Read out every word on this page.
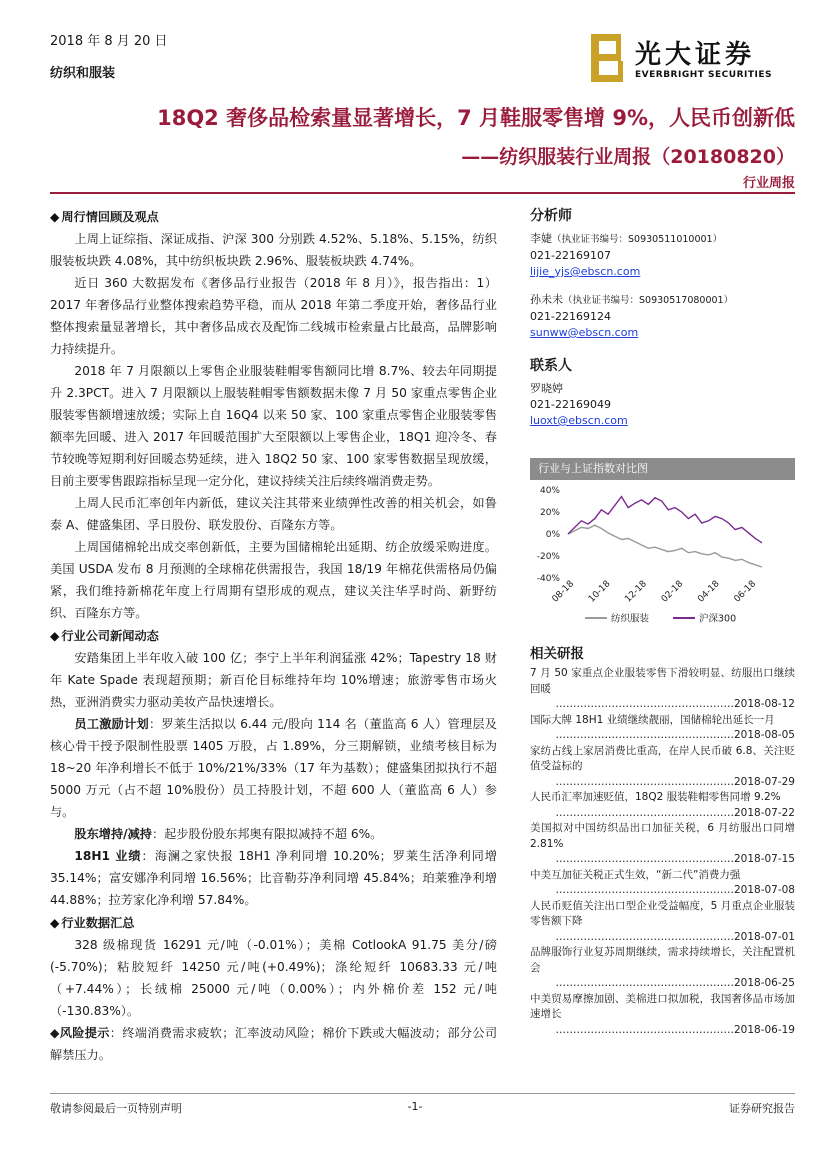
2018 年 8 月 20 日
纺织和服装
光大证券
EVERBRIGHT SECURITIES
18Q2 奢侈品检索量显著增长，7 月鞋服零售增 9%，人民币创新低
——纺织服装行业周报（20180820）
行业周报

◆ 周行情回顾及观点

上周上证综指、深证成指、沪深 300 分别跌 4.52%、5.18%、5.15%，纺织服装板块跌 4.08%，其中纺织板块跌 2.96%、服装板块跌 4.74%。

近日 360 大数据发布《奢侈品行业报告（2018 年 8 月）》，报告指出：1）2017 年奢侈品行业整体搜索趋势平稳，而从 2018 年第二季度开始，奢侈品行业整体搜索量显著增长，其中奢侈品成衣及配饰二线城市检索量占比最高，品牌影响力持续提升。

2018 年 7 月限额以上零售企业服装鞋帽零售额同比增 8.7%、较去年同期提升 2.3PCT。进入 7 月限额以上服装鞋帽零售额数据未像 7 月 50 家重点零售企业服装零售额增速放缓；实际上自 16Q4 以来 50 家、100 家重点零售企业服装零售额率先回暖、进入 2017 年回暖范围扩大至限额以上零售企业，18Q1 迎冷冬、春节较晚等短期利好回暖态势延续，进入 18Q2 50 家、100 家零售数据呈现放缓，目前主要零售跟踪指标呈现一定分化，建议持续关注后续终端消费走势。

上周人民币汇率创年内新低，建议关注其带来业绩弹性改善的相关机会，如鲁泰 A、健盛集团、孚日股份、联发股份、百隆东方等。

上周国储棉轮出成交率创新低，主要为国储棉轮出延期、纺企放缓采购进度。美国 USDA 发布 8 月预测的全球棉花供需报告，我国 18/19 年棉花供需格局仍偏紧，我们维持新棉花年度上行周期有望形成的观点，建议关注华孚时尚、新野纺织、百隆东方等。

◆ 行业公司新闻动态

安踏集团上半年收入破 100 亿；李宁上半年利润猛涨 42%；Tapestry 18 财年 Kate Spade 表现超预期；新百伦目标维持年均 10%增速；旅游零售市场火热，亚洲消费实力驱动美妆产品快速增长。

员工激励计划：罗莱生活拟以 6.44 元/股向 114 名（董监高 6 人）管理层及核心骨干授予限制性股票 1405 万股，占 1.89%，分三期解锁，业绩考核目标为 18~20 年净利增长不低于 10%/21%/33%（17 年为基数）；健盛集团拟执行不超 5000 万元（占不超 10%股份）员工持股计划，不超 600 人（董监高 6 人）参与。

股东增持/减持：起步股份股东邦奥有限拟减持不超 6%。

18H1 业绩：海澜之家快报 18H1 净利同增 10.20%；罗莱生活净利同增 35.14%；富安娜净利同增 16.56%；比音勒芬净利同增 45.84%；珀莱雅净利增 44.88%；拉芳家化净利增 57.84%。

◆ 行业数据汇总

328 级棉现货 16291 元/吨（-0.01%）；美棉 CotlookA 91.75 美分/磅(-5.70%)；粘胶短纤 14250 元/吨(+0.49%)；涤纶短纤 10683.33 元/吨（+7.44%）；长绒棉 25000 元/吨（0.00%）；内外棉价差 152 元/吨（-130.83%）。

◆风险提示：终端消费需求疲软；汇率波动风险；棉价下跌或大幅波动；部分公司解禁压力。

分析师
李婕（执业证书编号：S0930511010001）
021-22169107
lijie_yjs@ebscn.com
孙未未（执业证书编号：S0930517080001）
021-22169124
sunww@ebscn.com
联系人
罗晓婷
021-22169049
luoxt@ebscn.com
行业与上证指数对比图
40%
20%
0%
-20%
-40%
08-18 10-18 12-18 02-18 04-18 06-18
纺织服装	沪深300
相关研报
7 月 50 家重点企业服装零售下滑较明显、纺服出口继续回暖
……………………………………………2018-08-12
国际大牌 18H1 业绩继续靓丽，国储棉轮出延长一月
……………………………………………2018-08-05
家纺占线上家居消费比重高，在岸人民币破 6.8、关注贬值受益标的
……………………………………………2018-07-29
人民币汇率加速贬值，18Q2 服装鞋帽零售同增 9.2%
……………………………………………2018-07-22
美国拟对中国纺织品出口加征关税，6 月纺服出口同增 2.81%
……………………………………………2018-07-15
中美互加征关税正式生效，“新二代”消费力强
……………………………………………2018-07-08
人民币贬值关注出口型企业受益幅度，5 月重点企业服装零售额下降
……………………………………………2018-07-01
品牌服饰行业复苏周期继续，需求持续增长，关注配置机会
……………………………………………2018-06-25
中美贸易摩擦加剧、美棉进口拟加税，我国奢侈品市场加速增长
……………………………………………2018-06-19
敬请参阅最后一页特别声明	-1-	证券研究报告
